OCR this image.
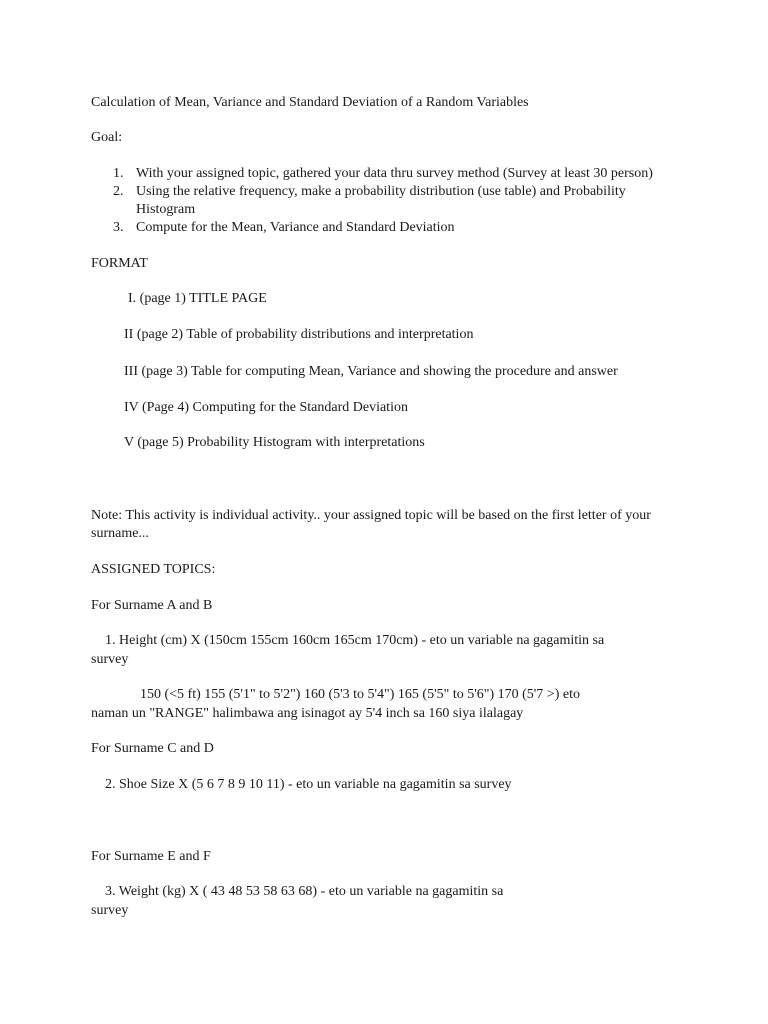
Calculation of Mean, Variance and Standard Deviation of a Random Variables
Goal:
1. With your assigned topic, gathered your data thru survey method (Survey at least 30 person)
2. Using the relative frequency, make a probability distribution (use table) and Probability
Histogram
3. Compute for the Mean, Variance and Standard Deviation
FORMAT
I. (page 1) TITLE PAGE
II (page 2) Table of probability distributions and interpretation
III (page 3) Table for computing Mean, Variance and showing the procedure and answer
IV (Page 4) Computing for the Standard Deviation
V (page 5) Probability Histogram with interpretations
Note: This activity is individual activity.. your assigned topic will be based on the first letter of your
surname...
ASSIGNED TOPICS:
For Surname A and B
1. Height (cm) X (150cm 155cm 160cm 165cm 170cm) - eto un variable na gagamitin sa
survey
150 (<5 ft) 155 (5'1" to 5'2") 160 (5'3 to 5'4") 165 (5'5" to 5'6") 170 (5'7 >) eto
naman un "RANGE" halimbawa ang isinagot ay 5'4 inch sa 160 siya ilalagay
For Surname C and D
2. Shoe Size X (5 6 7 8 9 10 11) - eto un variable na gagamitin sa survey
For Surname E and F
3. Weight (kg) X ( 43 48 53 58 63 68) - eto un variable na gagamitin sa
survey
